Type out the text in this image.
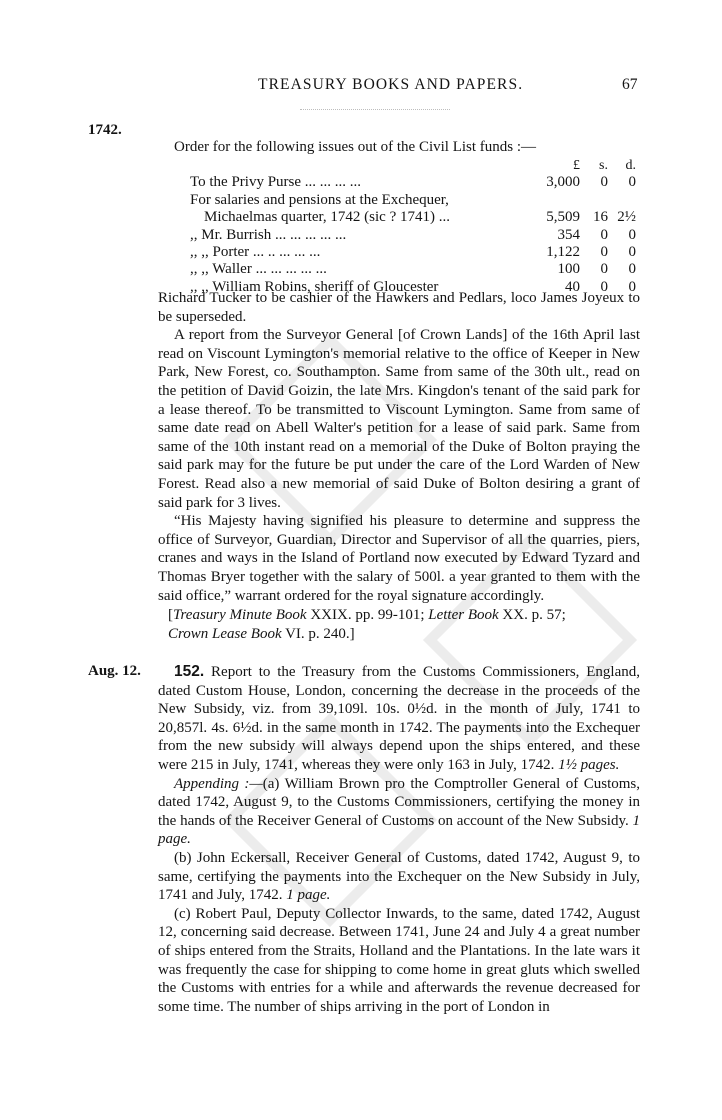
TREASURY BOOKS AND PAPERS.	67
1742.

Order for the following issues out of the Civil List funds :—

£	s.	d.
To the Privy Purse ... ... ... ...	3,000	0	0
For salaries and pensions at the Exchequer,
Michaelmas quarter, 1742 (sic ? 1741) ...	5,509 16 2½
,, Mr. Burrish ... ... ... ... ...	354	0	0
,, ,, Porter ... .. ... ... ...	1,122	0	0
,, ,, Waller ... ... ... ... ...	100	0	0
,, ,, William Robins, sheriff of Gloucester	40	0	0

Richard Tucker to be cashier of the Hawkers and Pedlars, loco James Joyeux to be superseded.

A report from the Surveyor General [of Crown Lands] of the 16th April last read on Viscount Lymington's memorial relative to the office of Keeper in New Park, New Forest, co. Southampton. Same from same of the 30th ult., read on the petition of David Goizin, the late Mrs. Kingdon's tenant of the said park for a lease thereof. To be transmitted to Viscount Lymington. Same from same of same date read on Abell Walter's petition for a lease of said park. Same from same of the 10th instant read on a memorial of the Duke of Bolton praying the said park may for the future be put under the care of the Lord Warden of New Forest. Read also a new memorial of said Duke of Bolton desiring a grant of said park for 3 lives.

“His Majesty having signified his pleasure to determine and suppress the office of Surveyor, Guardian, Director and Supervisor of all the quarries, piers, cranes and ways in the Island of Portland now executed by Edward Tyzard and Thomas Bryer together with the salary of 500l. a year granted to them with the said office,” warrant ordered for the royal signature accordingly.

[Treasury Minute Book XXIX. pp. 99-101; Letter Book XX. p. 57;
Crown Lease Book VI. p. 240.]

Aug. 12.	152. Report to the Treasury from the Customs Commissioners, England, dated Custom House, London, concerning the decrease in the proceeds of the New Subsidy, viz. from 39,109l. 10s. 0½d. in the month of July, 1741 to 20,857l. 4s. 6½d. in the same month in 1742. The payments into the Exchequer from the new subsidy will always depend upon the ships entered, and these were 215 in July, 1741, whereas they were only 163 in July, 1742. 1½ pages.

Appending :—(a) William Brown pro the Comptroller General of Customs, dated 1742, August 9, to the Customs Commissioners, certifying the money in the hands of the Receiver General of Customs on account of the New Subsidy. 1 page.

(b) John Eckersall, Receiver General of Customs, dated 1742, August 9, to same, certifying the payments into the Exchequer on the New Subsidy in July, 1741 and July, 1742. 1 page.

(c) Robert Paul, Deputy Collector Inwards, to the same, dated 1742, August 12, concerning said decrease. Between 1741, June 24 and July 4 a great number of ships entered from the Straits, Holland and the Plantations. In the late wars it was frequently the case for shipping to come home in great gluts which swelled the Customs with entries for a while and afterwards the revenue decreased for some time. The number of ships arriving in the port of London in
